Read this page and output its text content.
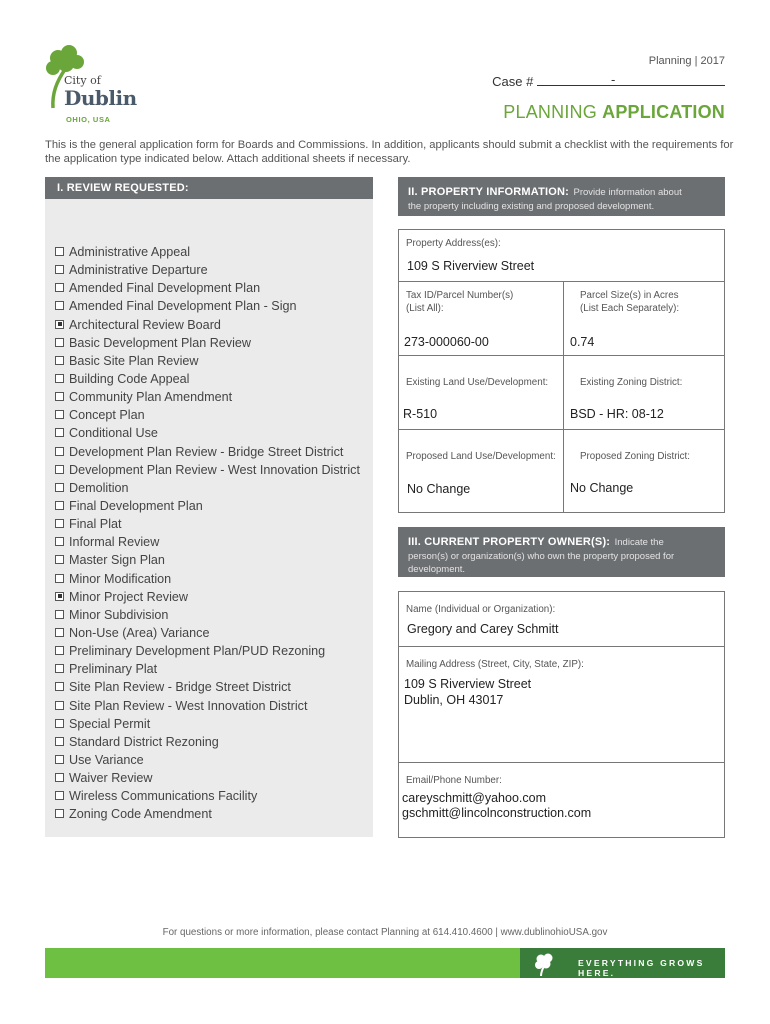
City of
Dublin
OHIO, USA
Planning | 2017
Case #	-
PLANNING APPLICATION
This is the general application form for Boards and Commissions. In addition, applicants should submit a checklist with the requirements for the application type indicated below. Attach additional sheets if necessary.
I. REVIEW REQUESTED:
Administrative Appeal
Administrative Departure
Amended Final Development Plan
Amended Final Development Plan - Sign
Architectural Review Board
Basic Development Plan Review
Basic Site Plan Review
Building Code Appeal
Community Plan Amendment
Concept Plan
Conditional Use
Development Plan Review - Bridge Street District
Development Plan Review - West Innovation District
Demolition
Final Development Plan
Final Plat
Informal Review
Master Sign Plan
Minor Modification
Minor Project Review
Minor Subdivision
Non-Use (Area) Variance
Preliminary Development Plan/PUD Rezoning
Preliminary Plat
Site Plan Review - Bridge Street District
Site Plan Review - West Innovation District
Special Permit
Standard District Rezoning
Use Variance
Waiver Review
Wireless Communications Facility
Zoning Code Amendment
II. PROPERTY INFORMATION: Provide information about
the property including existing and proposed development.
Property Address(es):
109 S Riverview Street
Tax ID/Parcel Number(s)
(List All):
273-000060-00
Parcel Size(s) in Acres
(List Each Separately):
0.74
Existing Land Use/Development:
R-510
Existing Zoning District:
BSD - HR: 08-12
Proposed Land Use/Development:
No Change
Proposed Zoning District:
No Change
III. CURRENT PROPERTY OWNER(S): Indicate the
person(s) or organization(s) who own the property proposed for
development.
Name (Individual or Organization):
Gregory and Carey Schmitt
Mailing Address (Street, City, State, ZIP):
109 S Riverview Street
Dublin, OH 43017
Email/Phone Number:
careyschmitt@yahoo.com
gschmitt@lincolnconstruction.com
For questions or more information, please contact Planning at 614.410.4600 | www.dublinohioUSA.gov
EVERYTHING GROWS HERE.
